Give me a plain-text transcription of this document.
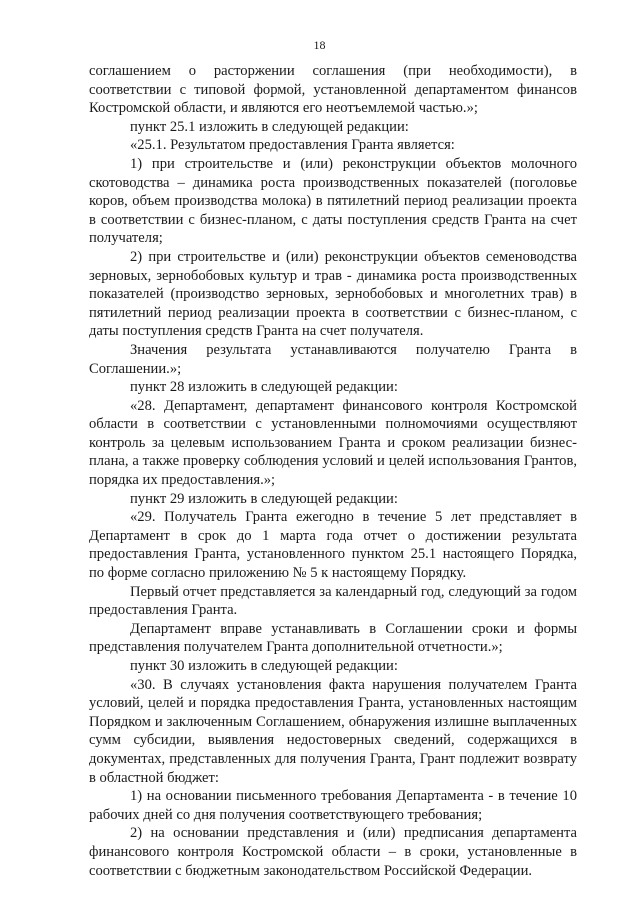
18

соглашением о расторжении соглашения (при необходимости), в соответствии с типовой формой, установленной департаментом финансов Костромской области, и являются его неотъемлемой частью.»;

пункт 25.1 изложить в следующей редакции:

«25.1. Результатом предоставления Гранта является:

1) при строительстве и (или) реконструкции объектов молочного скотоводства – динамика роста производственных показателей (поголовье коров, объем производства молока) в пятилетний период реализации проекта в соответствии с бизнес-планом, с даты поступления средств Гранта на счет получателя;

2) при строительстве и (или) реконструкции объектов семеноводства зерновых, зернобобовых культур и трав - динамика роста производственных показателей (производство зерновых, зернобобовых и многолетних трав) в пятилетний период реализации проекта в соответствии с бизнес-планом, с даты поступления средств Гранта на счет получателя.

Значения результата устанавливаются получателю Гранта в Соглашении.»;

пункт 28 изложить в следующей редакции:

«28. Департамент, департамент финансового контроля Костромской области в соответствии с установленными полномочиями осуществляют контроль за целевым использованием Гранта и сроком реализации бизнес-плана, а также проверку соблюдения условий и целей использования Грантов, порядка их предоставления.»;

пункт 29 изложить в следующей редакции:

«29. Получатель Гранта ежегодно в течение 5 лет представляет в Департамент в срок до 1 марта года отчет о достижении результата предоставления Гранта, установленного пунктом 25.1 настоящего Порядка, по форме согласно приложению № 5 к настоящему Порядку.

Первый отчет представляется за календарный год, следующий за годом предоставления Гранта.

Департамент вправе устанавливать в Соглашении сроки и формы представления получателем Гранта дополнительной отчетности.»;

пункт 30 изложить в следующей редакции:

«30. В случаях установления факта нарушения получателем Гранта условий, целей и порядка предоставления Гранта, установленных настоящим Порядком и заключенным Соглашением, обнаружения излишне выплаченных сумм субсидии, выявления недостоверных сведений, содержащихся в документах, представленных для получения Гранта, Грант подлежит возврату в областной бюджет:

1) на основании письменного требования Департамента - в течение 10 рабочих дней со дня получения соответствующего требования;

2) на основании представления и (или) предписания департамента финансового контроля Костромской области – в сроки, установленные в соответствии с бюджетным законодательством Российской Федерации.
